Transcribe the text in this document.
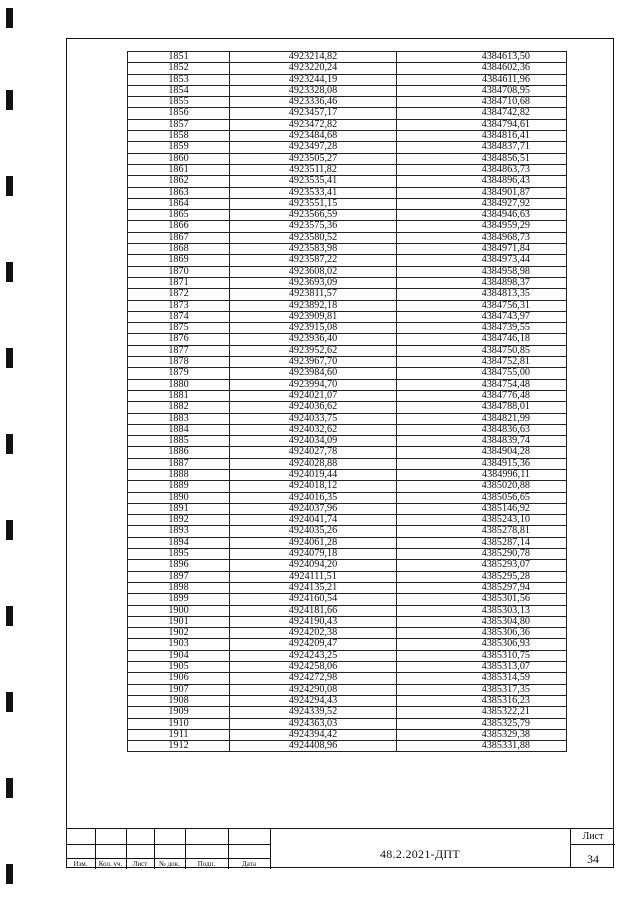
1851	4923214,82	4384613,50
1852	4923220,24	4384602,36
1853	4923244,19	4384611,96
1854	4923328,08	4384708,95
1855	4923336,46	4384710,68
1856	4923457,17	4384742,82
1857	4923472,82	4384794,61
1858	4923484,68	4384816,41
1859	4923497,28	4384837,71
1860	4923505,27	4384856,51
1861	4923511,82	4384863,73
1862	4923535,41	4384896,43
1863	4923533,41	4384901,87
1864	4923551,15	4384927,92
1865	4923566,59	4384946,63
1866	4923575,36	4384959,29
1867	4923580,52	4384968,73
1868	4923583,98	4384971,84
1869	4923587,22	4384973,44
1870	4923608,02	4384958,98
1871	4923693,09	4384898,37
1872	4923811,57	4384813,35
1873	4923892,18	4384756,31
1874	4923909,81	4384743,97
1875	4923915,08	4384739,55
1876	4923936,40	4384746,18
1877	4923952,62	4384750,85
1878	4923967,70	4384752,81
1879	4923984,60	4384755,00
1880	4923994,70	4384754,48
1881	4924021,07	4384776,48
1882	4924036,62	4384788,01
1883	4924033,75	4384821,99
1884	4924032,62	4384836,63
1885	4924034,09	4384839,74
1886	4924027,78	4384904,28
1887	4924028,88	4384915,36
1888	4924019,44	4384996,11
1889	4924018,12	4385020,88
1890	4924016,35	4385056,65
1891	4924037,96	4385146,92
1892	4924041,74	4385243,10
1893	4924035,26	4385278,81
1894	4924061,28	4385287,14
1895	4924079,18	4385290,78
1896	4924094,20	4385293,07
1897	4924111,51	4385295,28
1898	4924135,21	4385297,94
1899	4924160,54	4385301,56
1900	4924181,66	4385303,13
1901	4924190,43	4385304,80
1902	4924202,38	4385306,36
1903	4924209,47	4385306,93
1904	4924243,25	4385310,75
1905	4924258,06	4385313,07
1906	4924272,98	4385314,59
1907	4924290,08	4385317,35
1908	4924294,43	4385316,23
1909	4924339,52	4385322,21
1910	4924363,03	4385325,79
1911	4924394,42	4385329,38
1912	4924408,96	4385331,88
Изм.	Кол. уч.	Лист	№ док.	Подп.	Дата
48.2.2021-ДПТ
Лист
34
